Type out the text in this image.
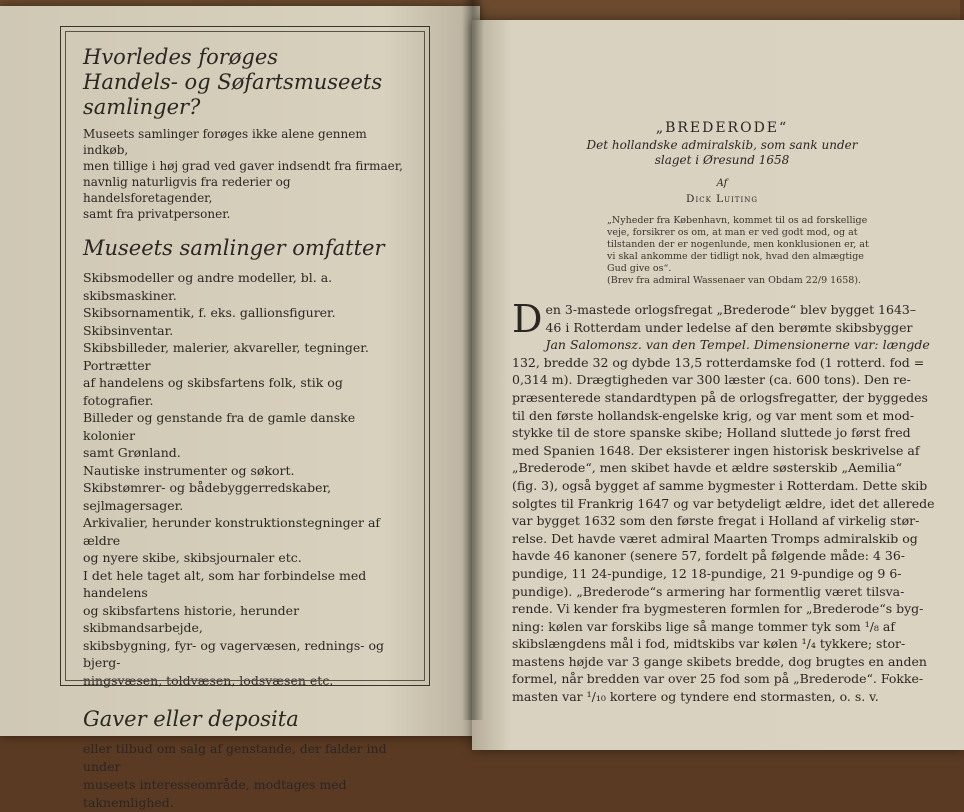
Hvorledes forøges
Handels- og Søfartsmuseets samlinger?

Museets samlinger forøges ikke alene gennem indkøb,
men tillige i høj grad ved gaver indsendt fra firmaer,
navnlig naturligvis fra rederier og handelsforetagender,
samt fra privatpersoner.

Museets samlinger omfatter

Skibsmodeller og andre modeller, bl. a. skibsmaskiner.

Skibsornamentik, f. eks. gallionsfigurer.

Skibsinventar.

Skibsbilleder, malerier, akvareller, tegninger. Portrætter

af handelens og skibsfartens folk, stik og fotografier.

Billeder og genstande fra de gamle danske kolonier

samt Grønland.

Nautiske instrumenter og søkort.

Skibstømrer- og bådebyggerredskaber, sejlmagersager.

Arkivalier, herunder konstruktionstegninger af ældre

og nyere skibe, skibsjournaler etc.

I det hele taget alt, som har forbindelse med handelens

og skibsfartens historie, herunder skibmandsarbejde,

skibsbygning, fyr- og vagervæsen, rednings- og bjerg-

ningsvæsen, toldvæsen, lodsvæsen etc.

Gaver eller deposita

eller tilbud om salg af genstande, der falder ind under
museets interesseområde, modtages med taknemlighed.

„BREDERODE“

Det hollandske admiralskib, som sank under
slaget i Øresund 1658

Af

Dick Luiting

„Nyheder fra København, kommet til os ad forskellige
veje, forsikrer os om, at man er ved godt mod, og at
tilstanden der er nogenlunde, men konklusionen er, at
vi skal ankomme der tidligt nok, hvad den almægtige
Gud give os“.
(Brev fra admiral Wassenaer van Obdam 22/9 1658).
D en 3-mastede orlogsfregat „Brederode“ blev bygget 1643–
46 i Rotterdam under ledelse af den berømte skibsbygger
Jan Salomonsz. van den Tempel. Dimensionerne var: længde
132, bredde 32 og dybde 13,5 rotterdamske fod (1 rotterd. fod =
0,314 m). Drægtigheden var 300 læster (ca. 600 tons). Den re-
præsenterede standardtypen på de orlogsfregatter, der byggedes
til den første hollandsk-engelske krig, og var ment som et mod-
stykke til de store spanske skibe; Holland sluttede jo først fred
med Spanien 1648. Der eksisterer ingen historisk beskrivelse af
„Brederode“, men skibet havde et ældre søsterskib „Aemilia“
(fig. 3), også bygget af samme bygmester i Rotterdam. Dette skib
solgtes til Frankrig 1647 og var betydeligt ældre, idet det allerede
var bygget 1632 som den første fregat i Holland af virkelig stør-
relse. Det havde været admiral Maarten Tromps admiralskib og
havde 46 kanoner (senere 57, fordelt på følgende måde: 4 36-
pundige, 11 24-pundige, 12 18-pundige, 21 9-pundige og 9 6-
pundige). „Brederode“s armering har formentlig været tilsva-
rende. Vi kender fra bygmesteren formlen for „Brederode“s byg-
ning: kølen var forskibs lige så mange tommer tyk som ¹/₈ af
skibslængdens mål i fod, midtskibs var kølen ¹/₄ tykkere; stor-
mastens højde var 3 gange skibets bredde, dog brugtes en anden
formel, når bredden var over 25 fod som på „Brederode“. Fokke-
masten var ¹/₁₀ kortere og tyndere end stormasten, o. s. v.
